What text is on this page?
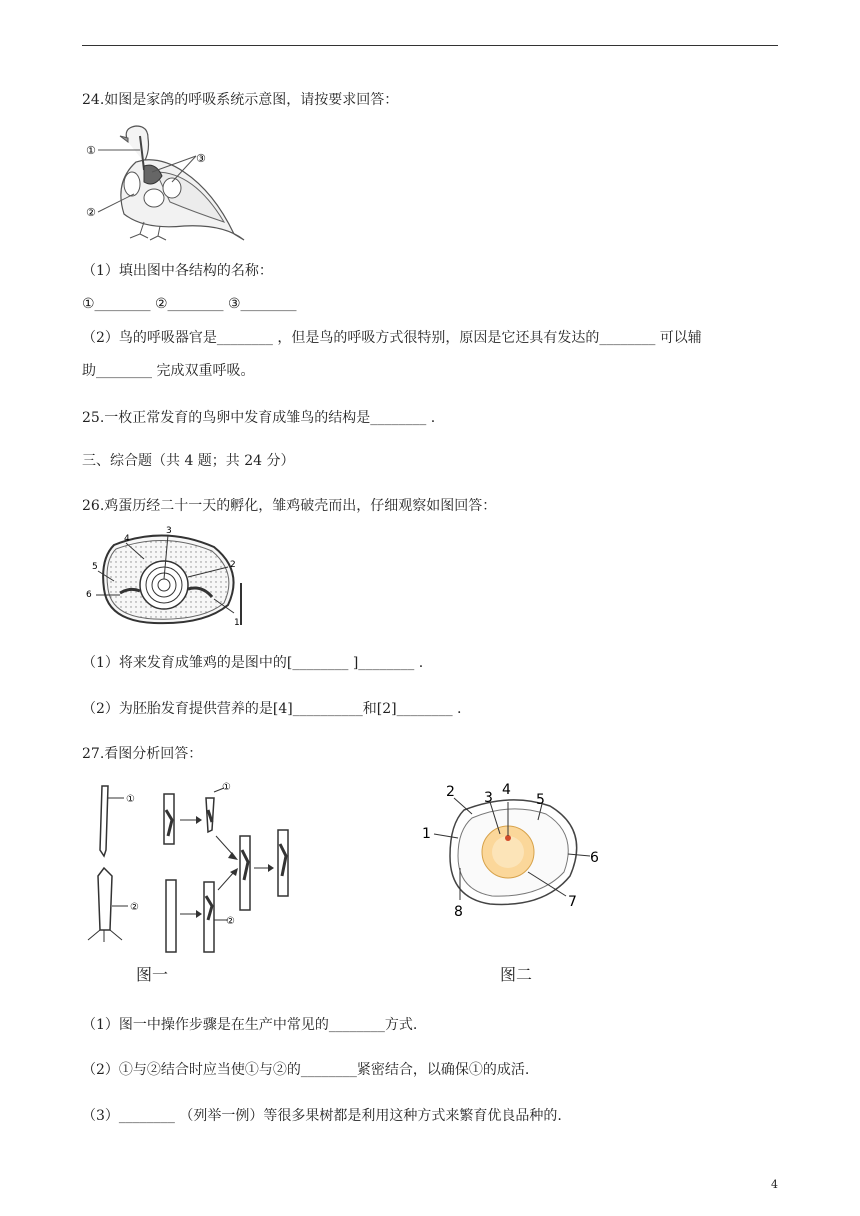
24.如图是家鸽的呼吸系统示意图，请按要求回答：
①
②
③
（1）填出图中各结构的名称：
①________ ②________ ③________
（2）鸟的呼吸器官是________ ，但是鸟的呼吸方式很特别，原因是它还具有发达的________ 可以辅
助________ 完成双重呼吸。
25.一枚正常发育的鸟卵中发育成雏鸟的结构是________ .
三、综合题（共 4 题；共 24 分）
26.鸡蛋历经二十一天的孵化，雏鸡破壳而出，仔细观察如图回答：
3
4
5
6
2
1
（1）将来发育成雏鸡的是图中的[________ ]________ .
（2）为胚胎发育提供营养的是[4]__________和[2]________ .
27.看图分析回答：
①
②
①
②
图一
1
2 3 4
5
6
7
8
图二
（1）图一中操作步骤是在生产中常见的________方式.
（2）①与②结合时应当使①与②的________紧密结合，以确保①的成活.
（3）________ （列举一例）等很多果树都是利用这种方式来繁育优良品种的.
4
